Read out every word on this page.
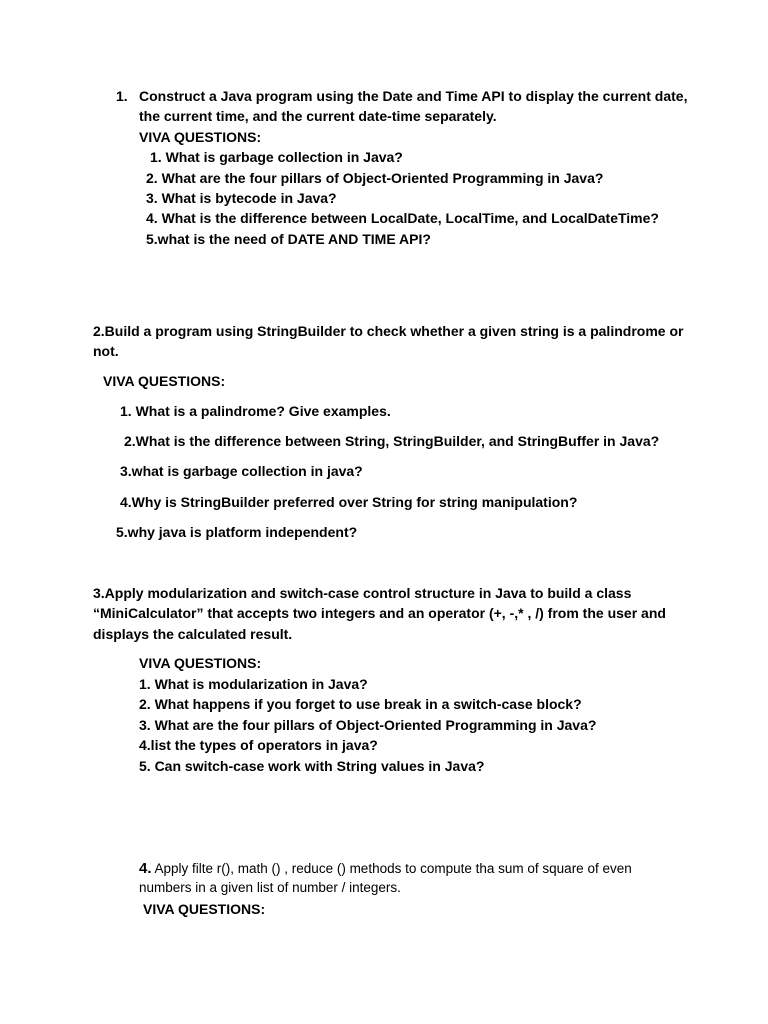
1. Construct a Java program using the Date and Time API to display the current date,
the current time, and the current date-time separately.
VIVA QUESTIONS:
1. What is garbage collection in Java?
2. What are the four pillars of Object-Oriented Programming in Java?
3. What is bytecode in Java?
4. What is the difference between LocalDate, LocalTime, and LocalDateTime?
5.what is the need of DATE AND TIME API?
2.Build a program using StringBuilder to check whether a given string is a palindrome or
not.
VIVA QUESTIONS:
1. What is a palindrome? Give examples.
2.What is the difference between String, StringBuilder, and StringBuffer in Java?
3.what is garbage collection in java?
4.Why is StringBuilder preferred over String for string manipulation?
5.why java is platform independent?
3.Apply modularization and switch-case control structure in Java to build a class
“MiniCalculator” that accepts two integers and an operator (+, -,* , /) from the user and
displays the calculated result.
VIVA QUESTIONS:
1. What is modularization in Java?
2. What happens if you forget to use break in a switch-case block?
3. What are the four pillars of Object-Oriented Programming in Java?
4.list the types of operators in java?
5. Can switch-case work with String values in Java?
4. Apply filte r(), math () , reduce () methods to compute tha sum of square of even
numbers in a given list of number / integers.
VIVA QUESTIONS:
